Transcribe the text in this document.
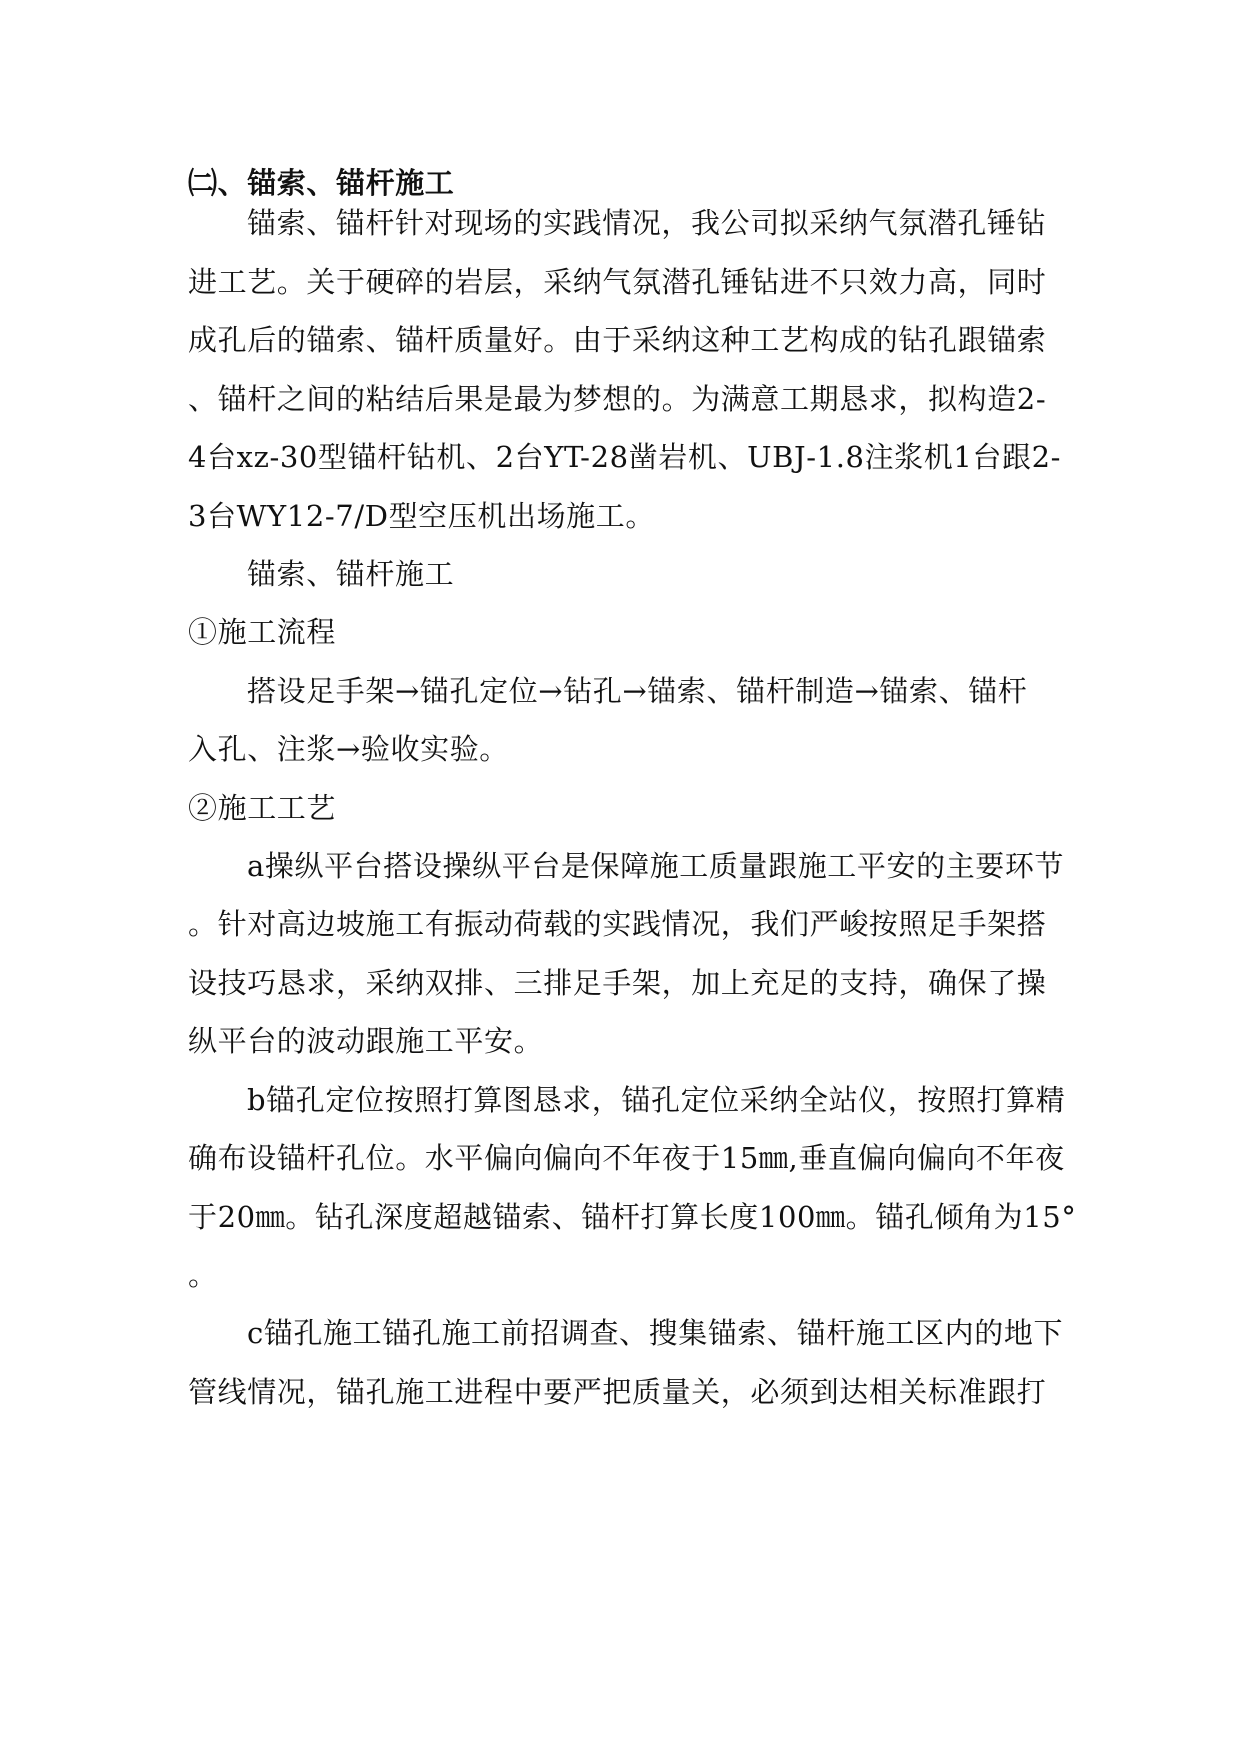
㈡、锚索、锚杆施工
锚索、锚杆针对现场的实践情况，我公司拟采纳气氛潜孔锤钻
进工艺。关于硬碎的岩层，采纳气氛潜孔锤钻进不只效力高，同时
成孔后的锚索、锚杆质量好。由于采纳这种工艺构成的钻孔跟锚索
、锚杆之间的粘结后果是最为梦想的。为满意工期恳求，拟构造2-
4台xz-30型锚杆钻机、2台YT-28凿岩机、UBJ-1.8注浆机1台跟2-
3台WY12-7/D型空压机出场施工。
锚索、锚杆施工
①施工流程
搭设足手架→锚孔定位→钻孔→锚索、锚杆制造→锚索、锚杆
入孔、注浆→验收实验。
②施工工艺
a操纵平台搭设操纵平台是保障施工质量跟施工平安的主要环节
。针对高边坡施工有振动荷载的实践情况，我们严峻按照足手架搭
设技巧恳求，采纳双排、三排足手架，加上充足的支持，确保了操
纵平台的波动跟施工平安。
b锚孔定位按照打算图恳求，锚孔定位采纳全站仪，按照打算精
确布设锚杆孔位。水平偏向偏向不年夜于15㎜,垂直偏向偏向不年夜
于20㎜。钻孔深度超越锚索、锚杆打算长度100㎜。锚孔倾角为15°
。
c锚孔施工锚孔施工前招调查、搜集锚索、锚杆施工区内的地下
管线情况，锚孔施工进程中要严把质量关，必须到达相关标准跟打
